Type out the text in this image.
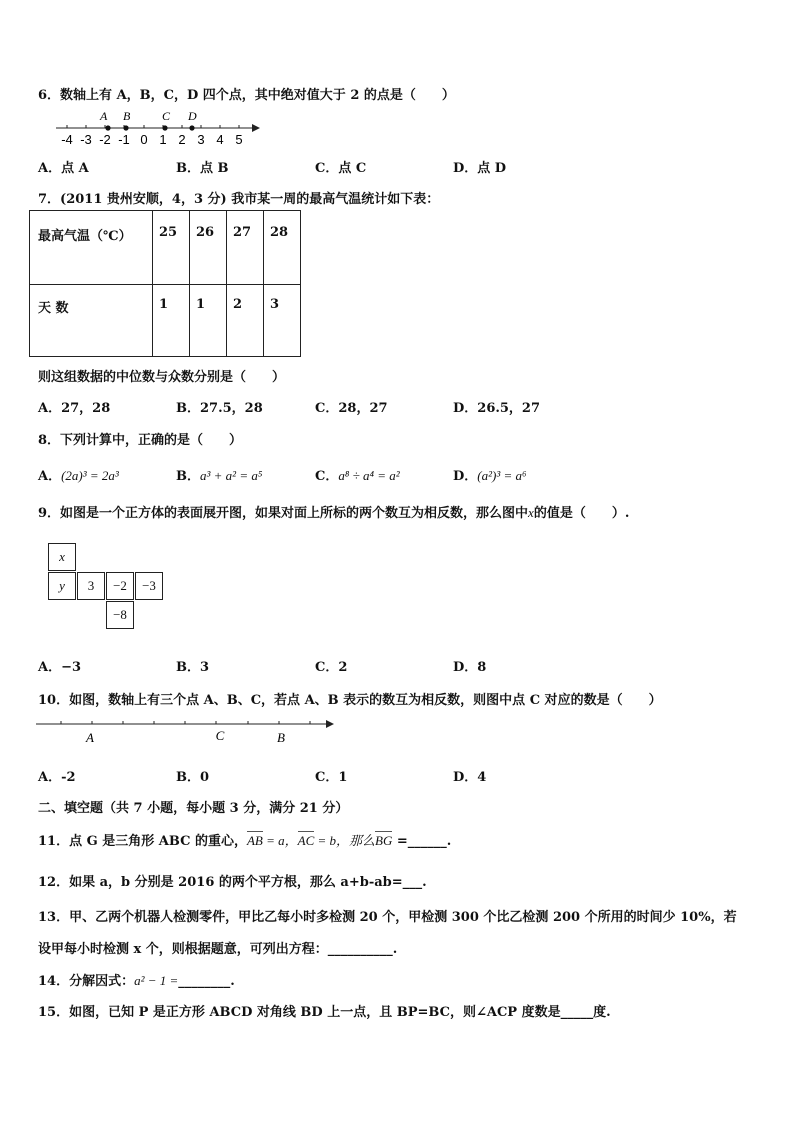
6．数轴上有 A，B，C，D 四个点，其中绝对值大于 2 的点是（　　）
A B	C D
-4 -3 -2 -1 0 1 2 3 4 5
A．点 A	B．点 B	C．点 C	D．点 D
7．(2011 贵州安顺，4，3 分) 我市某一周的最高气温统计如下表：
最高气温（℃）	25	26	27	28
天 数	1	1	2	3
则这组数据的中位数与众数分别是（　　）
A．27，28	B．27.5，28	C．28，27	D．26.5，27
8．下列计算中，正确的是（　　）
A．(2a)³ = 2a³	B．a³ + a² = a⁵	C．a⁸ ÷ a⁴ = a²	D．(a²)³ = a⁶
9．如图是一个正方体的表面展开图，如果对面上所标的两个数互为相反数，那么图中x的值是（　　）.
x
y	3	−2	−3
−8
A．−3	B．3	C．2	D．8
10．如图，数轴上有三个点 A、B、C，若点 A、B 表示的数互为相反数，则图中点 C 对应的数是（　　）
A	C	B
A．-2	B．0	C．1	D．4
二、填空题（共 7 小题，每小题 3 分，满分 21 分）
11．点 G 是三角形 ABC 的重心，AB = a，AC = b，那么BG =______.
12．如果 a，b 分别是 2016 的两个平方根，那么 a+b-ab=___.
13．甲、乙两个机器人检测零件，甲比乙每小时多检测 20 个，甲检测 300 个比乙检测 200 个所用的时间少 10%，若
设甲每小时检测 x 个，则根据题意，可列出方程：__________.
14．分解因式：a² − 1 =________.
15．如图，已知 P 是正方形 ABCD 对角线 BD 上一点，且 BP=BC，则∠ACP 度数是_____度.
